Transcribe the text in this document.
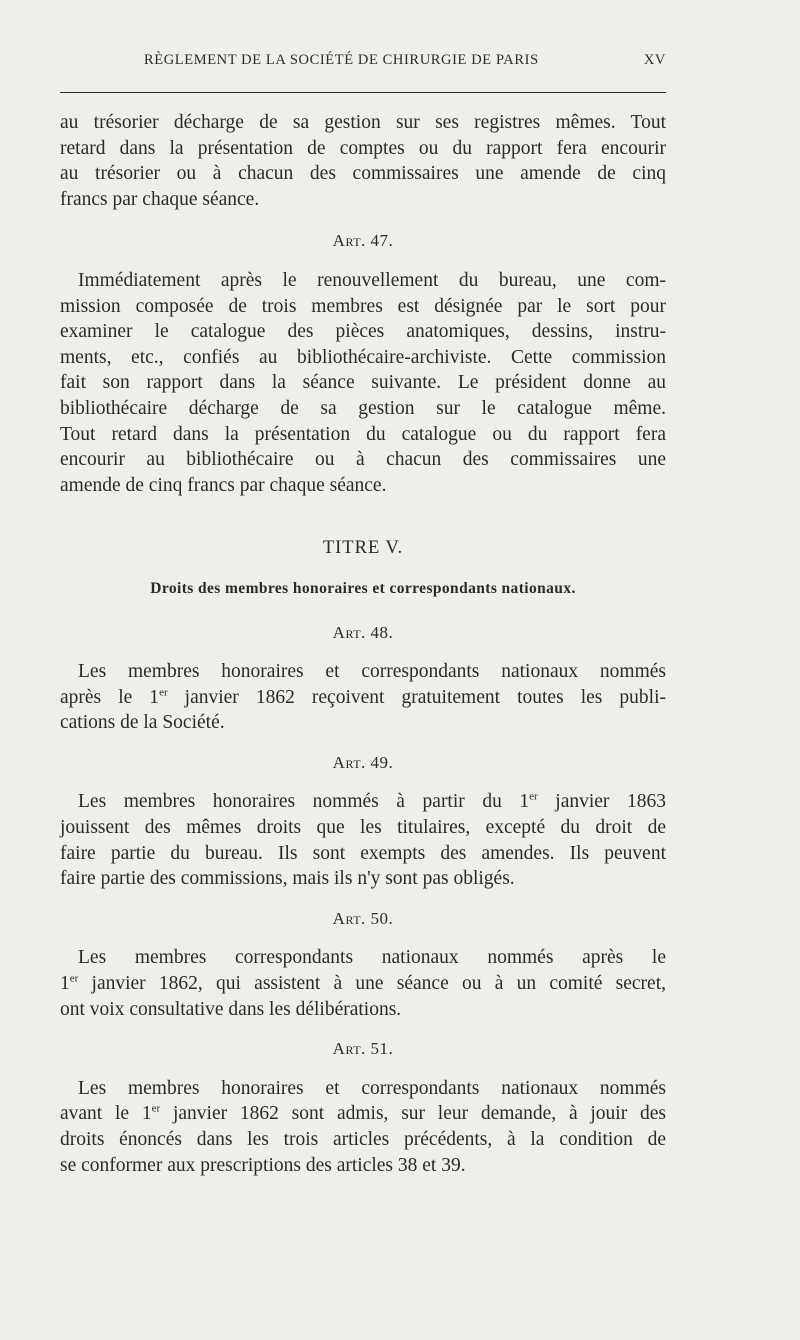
RÈGLEMENT DE LA SOCIÉTÉ DE CHIRURGIE DE PARIS	XV
au trésorier décharge de sa gestion sur ses registres mêmes. Tout
retard dans la présentation de comptes ou du rapport fera encourir
au trésorier ou à chacun des commissaires une amende de cinq
francs par chaque séance.
Art. 47.
Immédiatement après le renouvellement du bureau, une com-
mission composée de trois membres est désignée par le sort pour
examiner le catalogue des pièces anatomiques, dessins, instru-
ments, etc., confiés au bibliothécaire-archiviste. Cette commission
fait son rapport dans la séance suivante. Le président donne au
bibliothécaire décharge de sa gestion sur le catalogue même.
Tout retard dans la présentation du catalogue ou du rapport fera
encourir au bibliothécaire ou à chacun des commissaires une
amende de cinq francs par chaque séance.
TITRE V.
Droits des membres honoraires et correspondants nationaux.
Art. 48.
Les membres honoraires et correspondants nationaux nommés
après le 1er janvier 1862 reçoivent gratuitement toutes les publi-
cations de la Société.
Art. 49.
Les membres honoraires nommés à partir du 1er janvier 1863
jouissent des mêmes droits que les titulaires, excepté du droit de
faire partie du bureau. Ils sont exempts des amendes. Ils peuvent
faire partie des commissions, mais ils n'y sont pas obligés.
Art. 50.
Les membres correspondants nationaux nommés après le
1er janvier 1862, qui assistent à une séance ou à un comité secret,
ont voix consultative dans les délibérations.
Art. 51.
Les membres honoraires et correspondants nationaux nommés
avant le 1er janvier 1862 sont admis, sur leur demande, à jouir des
droits énoncés dans les trois articles précédents, à la condition de
se conformer aux prescriptions des articles 38 et 39.
